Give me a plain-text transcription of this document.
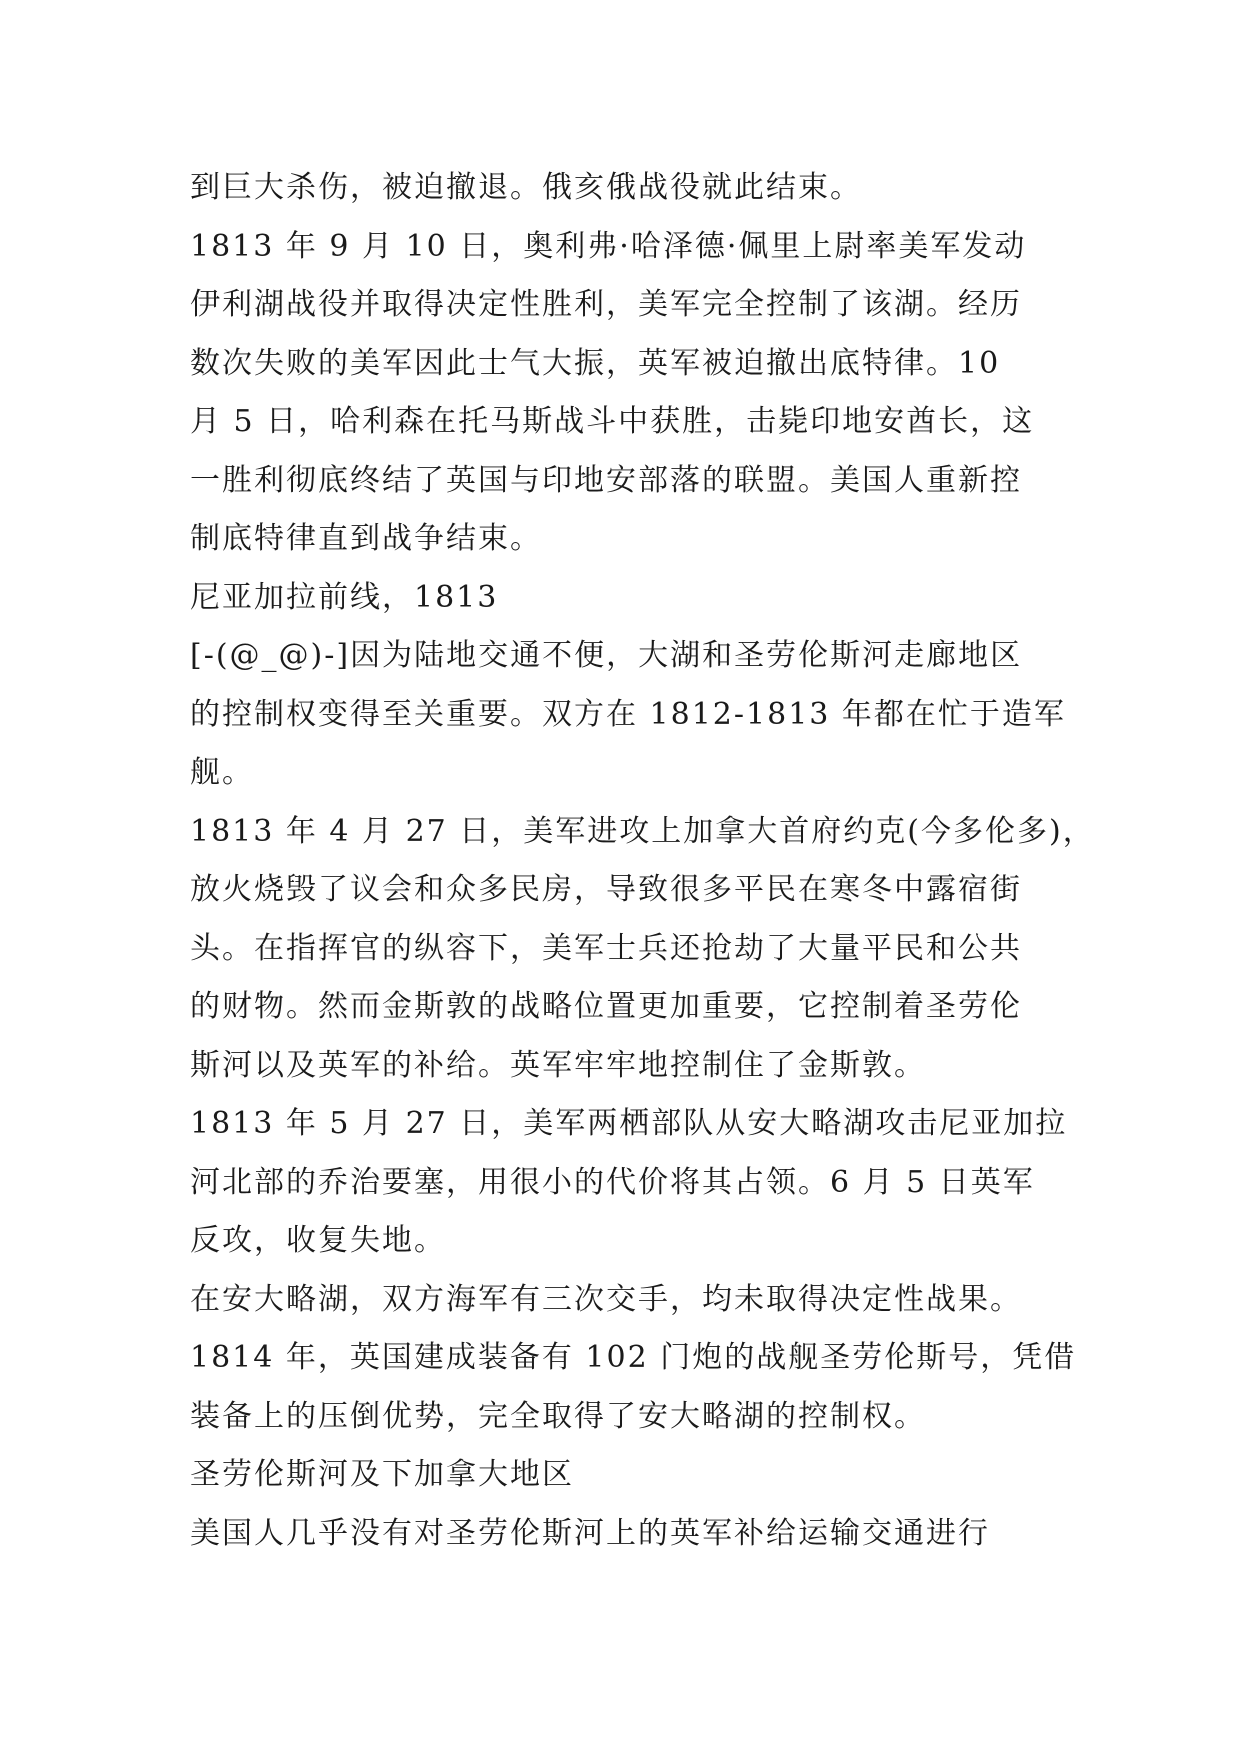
到巨大杀伤，被迫撤退。俄亥俄战役就此结束。
1813 年 9 月 10 日，奥利弗·哈泽德·佩里上尉率美军发动
伊利湖战役并取得决定性胜利，美军完全控制了该湖。经历
数次失败的美军因此士气大振，英军被迫撤出底特律。10
月 5 日，哈利森在托马斯战斗中获胜，击毙印地安酋长，这
一胜利彻底终结了英国与印地安部落的联盟。美国人重新控
制底特律直到战争结束。
尼亚加拉前线，1813
[-(@_@)-]因为陆地交通不便，大湖和圣劳伦斯河走廊地区
的控制权变得至关重要。双方在 1812-1813 年都在忙于造军
舰。
1813 年 4 月 27 日，美军进攻上加拿大首府约克(今多伦多)，
放火烧毁了议会和众多民房，导致很多平民在寒冬中露宿街
头。在指挥官的纵容下，美军士兵还抢劫了大量平民和公共
的财物。然而金斯敦的战略位置更加重要，它控制着圣劳伦
斯河以及英军的补给。英军牢牢地控制住了金斯敦。
1813 年 5 月 27 日，美军两栖部队从安大略湖攻击尼亚加拉
河北部的乔治要塞，用很小的代价将其占领。6 月 5 日英军
反攻，收复失地。
在安大略湖，双方海军有三次交手，均未取得决定性战果。
1814 年，英国建成装备有 102 门炮的战舰圣劳伦斯号，凭借
装备上的压倒优势，完全取得了安大略湖的控制权。
圣劳伦斯河及下加拿大地区
美国人几乎没有对圣劳伦斯河上的英军补给运输交通进行
